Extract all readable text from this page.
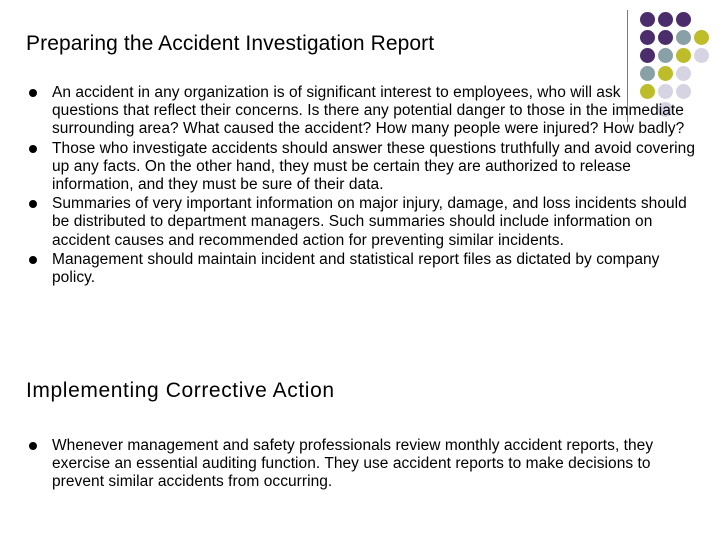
Preparing the Accident Investigation Report
An accident in any organization is of significant interest to employees, who will ask questions that reflect their concerns. Is there any potential danger to those in the immediate surrounding area? What caused the accident? How many people were injured? How badly?
Those who investigate accidents should answer these questions truthfully and avoid covering up any facts. On the other hand, they must be certain they are authorized to release information, and they must be sure of their data.
Summaries of very important information on major injury, damage, and loss incidents should be distributed to department managers. Such summaries should include information on accident causes and recommended action for preventing similar incidents.
Management should maintain incident and statistical report files as dictated by company policy.
Implementing Corrective Action
Whenever management and safety professionals review monthly accident reports, they exercise an essential auditing function. They use accident reports to make decisions to prevent similar accidents from occurring.
